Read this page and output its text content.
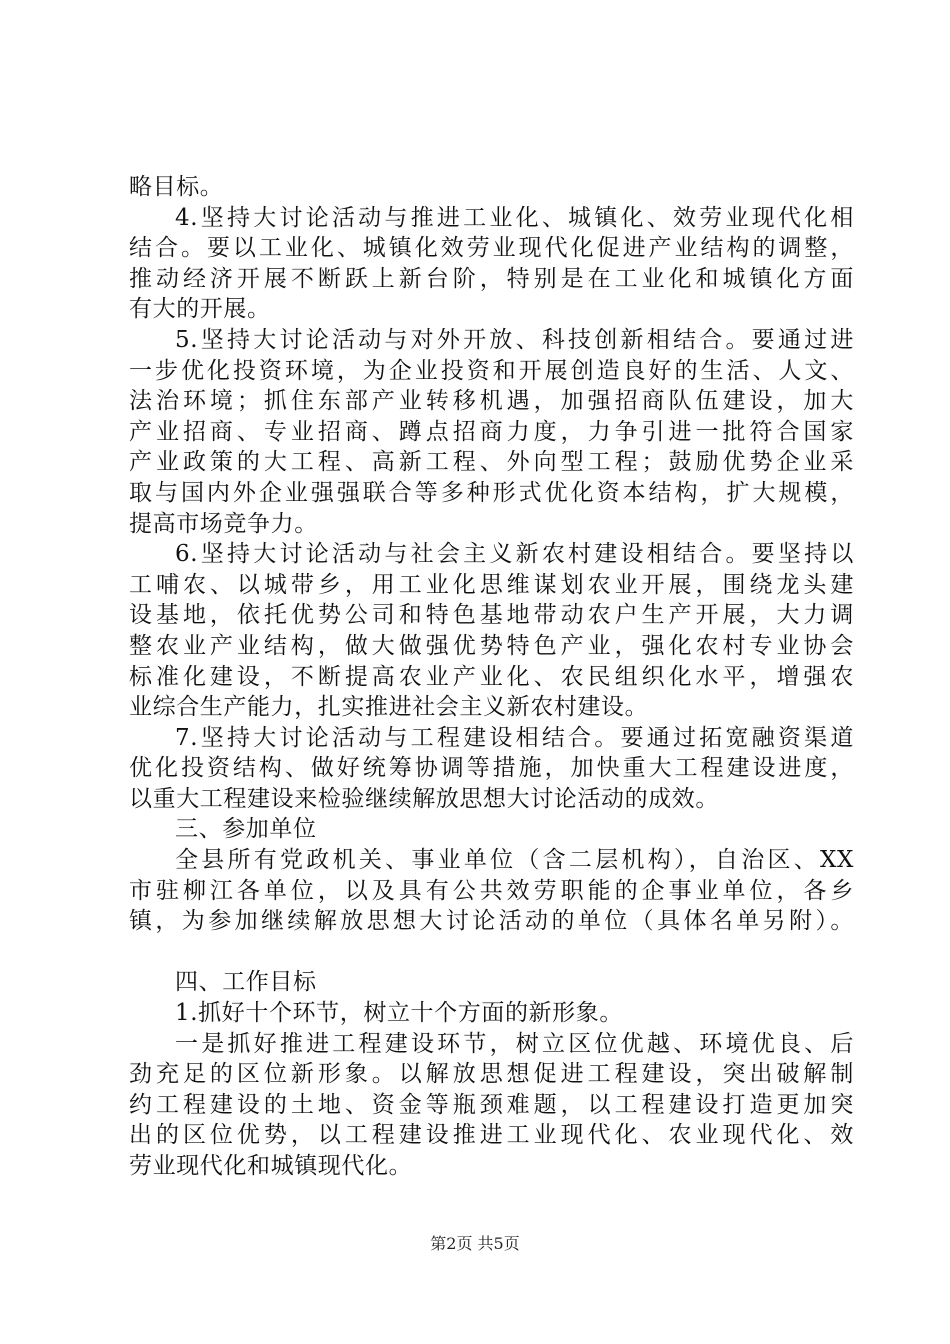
略目标。
4.坚持大讨论活动与推进工业化、城镇化、效劳业现代化相
结合。要以工业化、城镇化效劳业现代化促进产业结构的调整，
推动经济开展不断跃上新台阶，特别是在工业化和城镇化方面
有大的开展。
5.坚持大讨论活动与对外开放、科技创新相结合。要通过进
一步优化投资环境，为企业投资和开展创造良好的生活、人文、
法治环境；抓住东部产业转移机遇，加强招商队伍建设，加大
产业招商、专业招商、蹲点招商力度，力争引进一批符合国家
产业政策的大工程、高新工程、外向型工程；鼓励优势企业采
取与国内外企业强强联合等多种形式优化资本结构，扩大规模，
提高市场竞争力。
6.坚持大讨论活动与社会主义新农村建设相结合。要坚持以
工哺农、以城带乡，用工业化思维谋划农业开展，围绕龙头建
设基地，依托优势公司和特色基地带动农户生产开展，大力调
整农业产业结构，做大做强优势特色产业，强化农村专业协会
标准化建设，不断提高农业产业化、农民组织化水平，增强农
业综合生产能力，扎实推进社会主义新农村建设。
7.坚持大讨论活动与工程建设相结合。要通过拓宽融资渠道
优化投资结构、做好统筹协调等措施，加快重大工程建设进度，
以重大工程建设来检验继续解放思想大讨论活动的成效。
三、参加单位
全县所有党政机关、事业单位（含二层机构），自治区、XX
市驻柳江各单位，以及具有公共效劳职能的企事业单位，各乡
镇，为参加继续解放思想大讨论活动的单位（具体名单另附）。
四、工作目标
1.抓好十个环节，树立十个方面的新形象。
一是抓好推进工程建设环节，树立区位优越、环境优良、后
劲充足的区位新形象。以解放思想促进工程建设，突出破解制
约工程建设的土地、资金等瓶颈难题，以工程建设打造更加突
出的区位优势，以工程建设推进工业现代化、农业现代化、效
劳业现代化和城镇现代化。
第2页 共5页
